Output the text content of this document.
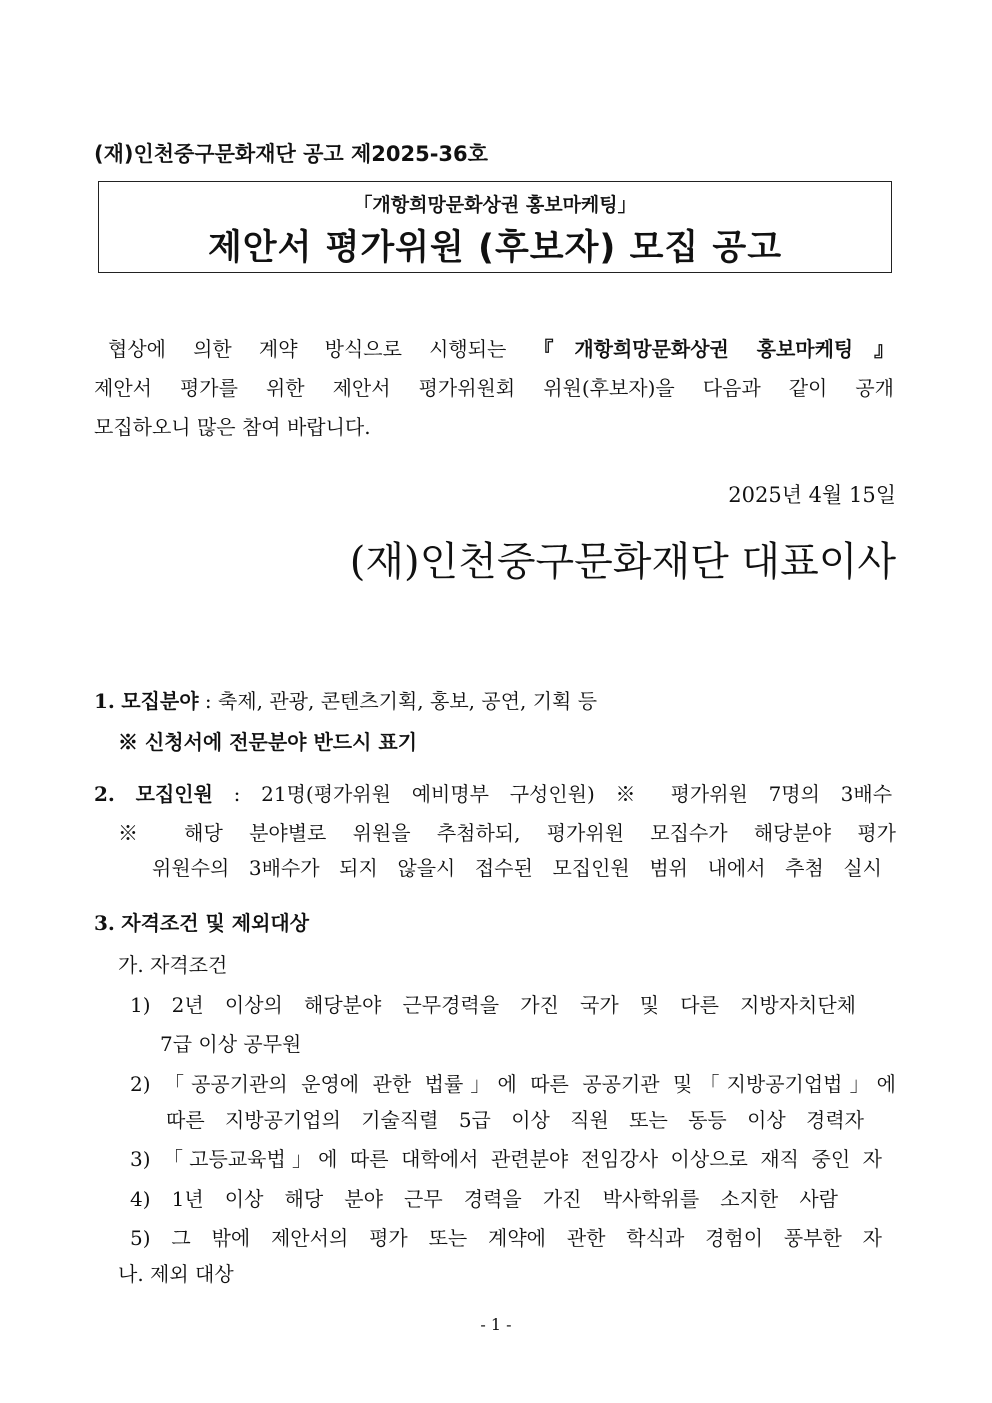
(재)인천중구문화재단 공고 제2025-36호
「개항희망문화상권 홍보마케팅」
제안서 평가위원 (후보자) 모집 공고
협상에 의한 계약 방식으로 시행되는 『개항희망문화상권 홍보마케팅』
제안서 평가를 위한 제안서 평가위원회 위원(후보자)을 다음과 같이 공개
모집하오니 많은 참여 바랍니다.
2025년 4월 15일
(재)인천중구문화재단 대표이사
1. 모집분야 : 축제, 관광, 콘텐츠기획, 홍보, 공연, 기획 등
※ 신청서에 전문분야 반드시 표기
2. 모집인원 : 21명(평가위원 예비명부 구성인원) ※ 평가위원 7명의 3배수
※ 해당 분야별로 위원을 추첨하되, 평가위원 모집수가 해당분야 평가
위원수의 3배수가 되지 않을시 접수된 모집인원 범위 내에서 추첨 실시
3. 자격조건 및 제외대상
가. 자격조건
1) 2년 이상의 해당분야 근무경력을 가진 국가 및 다른 지방자치단체
7급 이상 공무원
2) 「공공기관의 운영에 관한 법률」에 따른 공공기관 및「지방공기업법」에
따른 지방공기업의 기술직렬 5급 이상 직원 또는 동등 이상 경력자
3) 「고등교육법」에 따른 대학에서 관련분야 전임강사 이상으로 재직 중인 자
4) 1년 이상 해당 분야 근무 경력을 가진 박사학위를 소지한 사람
5) 그 밖에 제안서의 평가 또는 계약에 관한 학식과 경험이 풍부한 자
나. 제외 대상
- 1 -
